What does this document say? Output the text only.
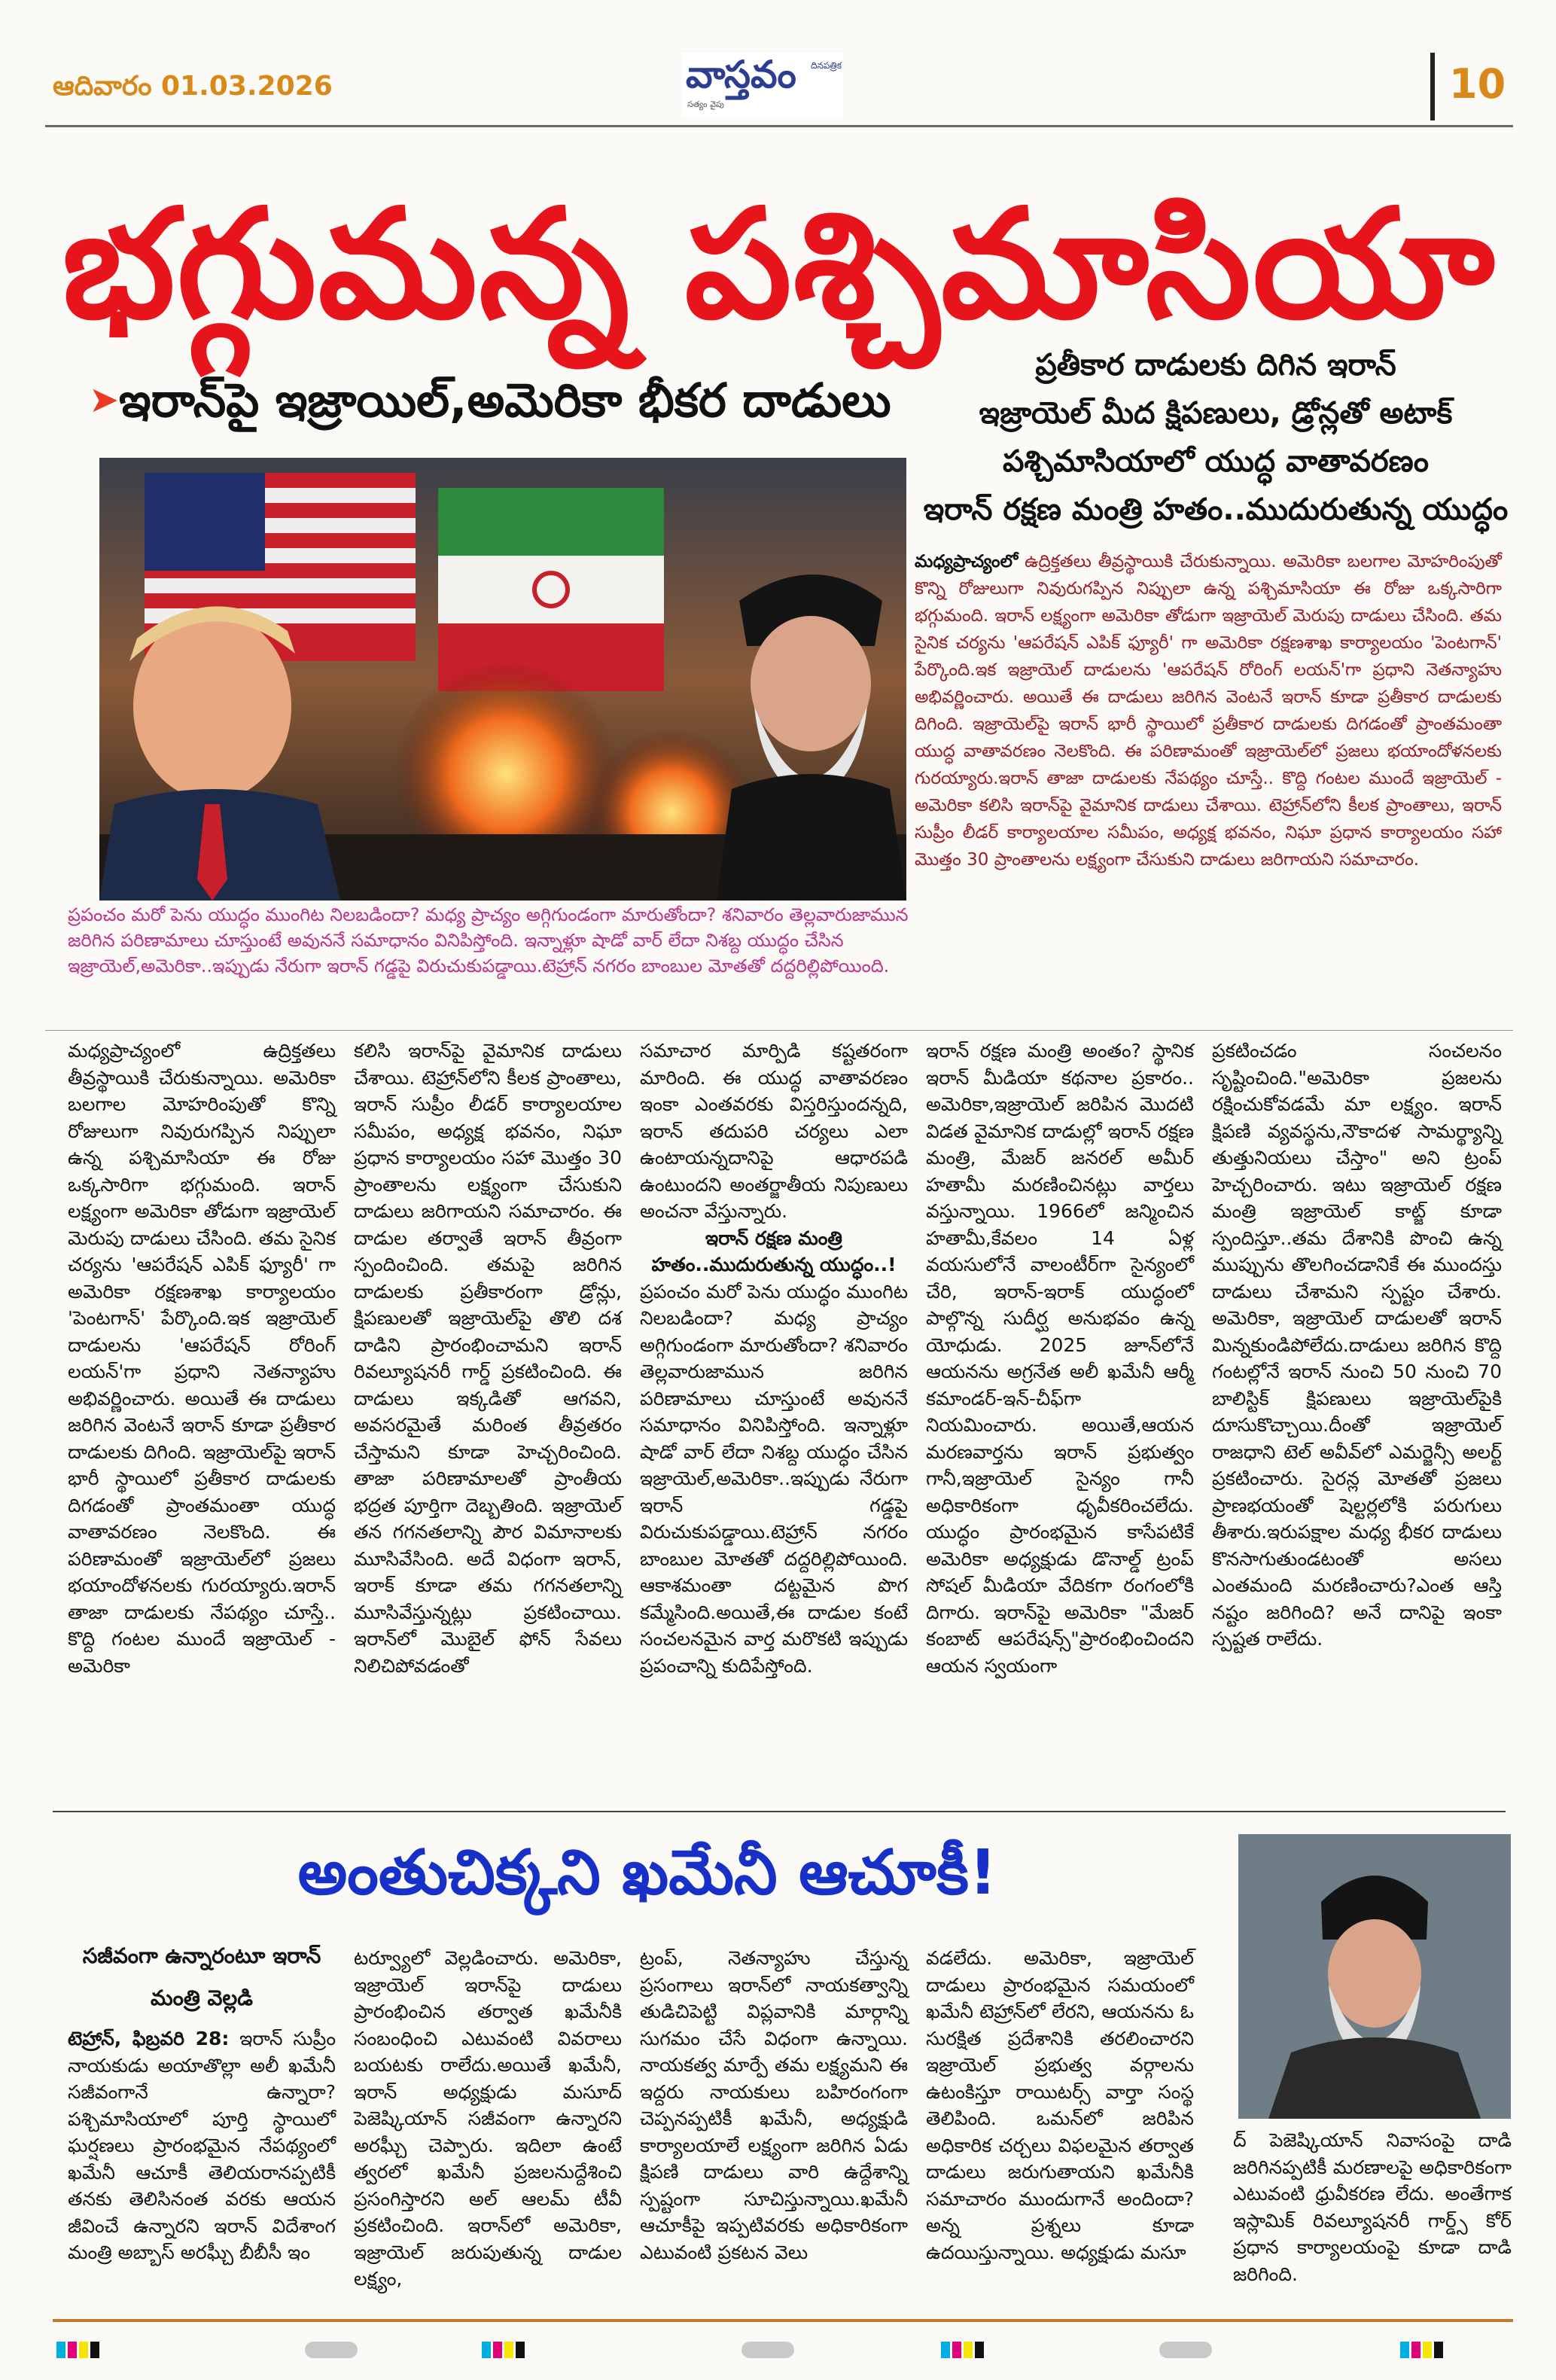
ఆదివారం 01.03.2026	వాస్తవం దినపత్రిక
సత్యం వైపు	10
భగ్గుమన్న పశ్చిమాసియా
➤ ఇరాన్‌పై ఇజ్రాయిల్,అమెరికా భీకర దాడులు
ప్రతీకార దాడులకు దిగిన ఇరాన్
ఇజ్రాయెల్ మీద క్షిపణులు, డ్రోన్లతో అటాక్
పశ్చిమాసియాలో యుద్ధ వాతావరణం
ఇరాన్ రక్షణ మంత్రి హతం..ముదురుతున్న యుద్ధం
ప్రపంచం మరో పెను యుద్ధం ముంగిట నిలబడిందా? మధ్య ప్రాచ్యం అగ్గిగుండంగా మారుతోందా? శనివారం తెల్లవారుజామున జరిగిన పరిణామాలు చూస్తుంటే అవుననే సమాధానం వినిపిస్తోంది. ఇన్నాళ్లూ షాడో వార్ లేదా నిశబ్ద యుద్ధం చేసిన ఇజ్రాయెల్,అమెరికా..ఇప్పుడు నేరుగా ఇరాన్ గడ్డపై విరుచుకుపడ్డాయి.టెహ్రాన్ నగరం బాంబుల మోతతో దద్దరిల్లిపోయింది.
మధ్యప్రాచ్యంలో ఉద్రిక్తతలు తీవ్రస్థాయికి చేరుకున్నాయి. అమెరికా బలగాల మోహరింపుతో కొన్ని రోజులుగా నివురుగప్పిన నిప్పులా ఉన్న పశ్చిమాసియా ఈ రోజు ఒక్కసారిగా భగ్గుమంది. ఇరాన్ లక్ష్యంగా అమెరికా తోడుగా ఇజ్రాయెల్ మెరుపు దాడులు చేసింది. తమ సైనిక చర్యను 'ఆపరేషన్ ఎపిక్ ఫ్యూరీ' గా అమెరికా రక్షణశాఖ కార్యాలయం 'పెంటగాన్' పేర్కొంది.ఇక ఇజ్రాయెల్ దాడులను 'ఆపరేషన్ రోరింగ్ లయన్'గా ప్రధాని నెతన్యాహు అభివర్ణించారు. అయితే ఈ దాడులు జరిగిన వెంటనే ఇరాన్ కూడా ప్రతీకార దాడులకు దిగింది. ఇజ్రాయెల్‌పై ఇరాన్ భారీ స్థాయిలో ప్రతీకార దాడులకు దిగడంతో ప్రాంతమంతా యుద్ధ వాతావరణం నెలకొంది. ఈ పరిణామంతో ఇజ్రాయెల్‌లో ప్రజలు భయాందోళనలకు గురయ్యారు.ఇరాన్ తాజా దాడులకు నేపథ్యం చూస్తే.. కొద్ది గంటల ముందే ఇజ్రాయెల్ - అమెరికా కలిసి ఇరాన్‌పై వైమానిక దాడులు చేశాయి. టెహ్రాన్‌లోని కీలక ప్రాంతాలు, ఇరాన్ సుప్రీం లీడర్ కార్యాలయాల సమీపం, అధ్యక్ష భవనం, నిఘా ప్రధాన కార్యాలయం సహా మొత్తం 30 ప్రాంతాలను లక్ష్యంగా చేసుకుని దాడులు జరిగాయని సమాచారం.
మధ్యప్రాచ్యంలో ఉద్రిక్తతలు తీవ్రస్థాయికి చేరుకున్నాయి. అమెరికా బలగాల మోహరింపుతో కొన్ని రోజులుగా నివురుగప్పిన నిప్పులా ఉన్న పశ్చిమాసియా ఈ రోజు ఒక్కసారిగా భగ్గుమంది. ఇరాన్ లక్ష్యంగా అమెరికా తోడుగా ఇజ్రాయెల్ మెరుపు దాడులు చేసింది. తమ సైనిక చర్యను 'ఆపరేషన్ ఎపిక్ ఫ్యూరీ' గా అమెరికా రక్షణశాఖ కార్యాలయం 'పెంటగాన్' పేర్కొంది.ఇక ఇజ్రాయెల్ దాడులను 'ఆపరేషన్ రోరింగ్ లయన్'గా ప్రధాని నెతన్యాహు అభివర్ణించారు. అయితే ఈ దాడులు జరిగిన వెంటనే ఇరాన్ కూడా ప్రతీకార దాడులకు దిగింది. ఇజ్రాయెల్‌పై ఇరాన్ భారీ స్థాయిలో ప్రతీకార దాడులకు దిగడంతో ప్రాంతమంతా యుద్ధ వాతావరణం నెలకొంది. ఈ పరిణామంతో ఇజ్రాయెల్‌లో ప్రజలు భయాందోళనలకు గురయ్యారు.ఇరాన్ తాజా దాడులకు నేపథ్యం చూస్తే.. కొద్ది గంటల ముందే ఇజ్రాయెల్ - అమెరికా
కలిసి ఇరాన్‌పై వైమానిక దాడులు చేశాయి. టెహ్రాన్‌లోని కీలక ప్రాంతాలు, ఇరాన్ సుప్రీం లీడర్ కార్యాలయాల సమీపం, అధ్యక్ష భవనం, నిఘా ప్రధాన కార్యాలయం సహా మొత్తం 30 ప్రాంతాలను లక్ష్యంగా చేసుకుని దాడులు జరిగాయని సమాచారం. ఈ దాడుల తర్వాతే ఇరాన్ తీవ్రంగా స్పందించింది. తమపై జరిగిన దాడులకు ప్రతీకారంగా డ్రోన్లు, క్షిపణులతో ఇజ్రాయెల్‌పై తొలి దశ దాడిని ప్రారంభించామని ఇరాన్ రివల్యూషనరీ గార్డ్ ప్రకటించింది. ఈ దాడులు ఇక్కడితో ఆగవని, అవసరమైతే మరింత తీవ్రతరం చేస్తామని కూడా హెచ్చరించింది. తాజా పరిణామాలతో ప్రాంతీయ భద్రత పూర్తిగా దెబ్బతింది. ఇజ్రాయెల్ తన గగనతలాన్ని పౌర విమానాలకు మూసివేసింది. అదే విధంగా ఇరాన్, ఇరాక్ కూడా తమ గగనతలాన్ని మూసివేస్తున్నట్లు ప్రకటించాయి. ఇరాన్‌లో మొబైల్ ఫోన్ సేవలు నిలిచిపోవడంతో
సమాచార మార్పిడి కష్టతరంగా మారింది. ఈ యుద్ధ వాతావరణం ఇంకా ఎంతవరకు విస్తరిస్తుందన్నది, ఇరాన్ తదుపరి చర్యలు ఎలా ఉంటాయన్నదానిపై ఆధారపడి ఉంటుందని అంతర్జాతీయ నిపుణులు అంచనా వేస్తున్నారు.
ఇరాన్ రక్షణ మంత్రి హతం..ముదురుతున్న యుద్ధం..!
ప్రపంచం మరో పెను యుద్ధం ముంగిట నిలబడిందా? మధ్య ప్రాచ్యం అగ్గిగుండంగా మారుతోందా? శనివారం తెల్లవారుజామున జరిగిన పరిణామాలు చూస్తుంటే అవుననే సమాధానం వినిపిస్తోంది. ఇన్నాళ్లూ షాడో వార్ లేదా నిశబ్ద యుద్ధం చేసిన ఇజ్రాయెల్,అమెరికా..ఇప్పుడు నేరుగా ఇరాన్ గడ్డపై విరుచుకుపడ్డాయి.టెహ్రాన్ నగరం బాంబుల మోతతో దద్దరిల్లిపోయింది. ఆకాశమంతా దట్టమైన పొగ కమ్మేసింది.అయితే,ఈ దాడుల కంటే సంచలనమైన వార్త మరొకటి ఇప్పుడు ప్రపంచాన్ని కుదిపేస్తోంది.
ఇరాన్ రక్షణ మంత్రి అంతం? స్థానిక ఇరాన్ మీడియా కథనాల ప్రకారం.. అమెరికా,ఇజ్రాయెల్ జరిపిన మొదటి విడత వైమానిక దాడుల్లో ఇరాన్ రక్షణ మంత్రి, మేజర్ జనరల్ అమీర్ హతామీ మరణించినట్లు వార్తలు వస్తున్నాయి. 1966లో జన్మించిన హతామీ,కేవలం 14 ఏళ్ల వయసులోనే వాలంటీర్‌గా సైన్యంలో చేరి, ఇరాన్-ఇరాక్ యుద్ధంలో పాల్గొన్న సుదీర్ఘ అనుభవం ఉన్న యోధుడు. 2025 జూన్‌లోనే ఆయనను అగ్రనేత అలీ ఖమేనీ ఆర్మీ కమాండర్-ఇన్-చీఫ్‌గా నియమించారు. అయితే,ఆయన మరణవార్తను ఇరాన్ ప్రభుత్వం గానీ,ఇజ్రాయెల్ సైన్యం గానీ అధికారికంగా ధృవీకరించలేదు. యుద్ధం ప్రారంభమైన కాసేపటికే అమెరికా అధ్యక్షుడు డొనాల్డ్ ట్రంప్ సోషల్ మీడియా వేదికగా రంగంలోకి దిగారు. ఇరాన్‌పై అమెరికా "మేజర్ కంబాట్ ఆపరేషన్స్"ప్రారంభించిందని ఆయన స్వయంగా
ప్రకటించడం సంచలనం సృష్టించింది."అమెరికా ప్రజలను రక్షించుకోవడమే మా లక్ష్యం. ఇరాన్ క్షిపణి వ్యవస్థను,నౌకాదళ సామర్థ్యాన్ని తుత్తునియలు చేస్తాం" అని ట్రంప్ హెచ్చరించారు. ఇటు ఇజ్రాయెల్ రక్షణ మంత్రి ఇజ్రాయెల్ కాట్జ్ కూడా స్పందిస్తూ..తమ దేశానికి పొంచి ఉన్న ముప్పును తొలగించడానికే ఈ ముందస్తు దాడులు చేశామని స్పష్టం చేశారు. అమెరికా, ఇజ్రాయెల్ దాడులతో ఇరాన్ మిన్నకుండిపోలేదు.దాడులు జరిగిన కొద్ది గంటల్లోనే ఇరాన్ నుంచి 50 నుంచి 70 బాలిస్టిక్ క్షిపణులు ఇజ్రాయెల్‌పైకి దూసుకొచ్చాయి.దీంతో ఇజ్రాయెల్ రాజధాని టెల్ అవీవ్‌లో ఎమర్జెన్సీ అలర్ట్ ప్రకటించారు. సైరన్ల మోతతో ప్రజలు ప్రాణభయంతో షెల్టర్లలోకి పరుగులు తీశారు.ఇరుపక్షాల మధ్య భీకర దాడులు కొనసాగుతుండటంతో అసలు ఎంతమంది మరణించారు?ఎంత ఆస్తి నష్టం జరిగింది? అనే దానిపై ఇంకా స్పష్టత రాలేదు.
అంతుచిక్కని ఖమేనీ ఆచూకీ!
సజీవంగా ఉన్నారంటూ ఇరాన్ మంత్రి వెల్లడి
టెహ్రాన్, ఫిబ్రవరి 28: ఇరాన్ సుప్రీం నాయకుడు అయాతొల్లా అలీ ఖమేనీ సజీవంగానే ఉన్నారా? పశ్చిమాసియాలో పూర్తి స్థాయిలో ఘర్షణలు ప్రారంభమైన నేపథ్యంలో ఖమేనీ ఆచూకీ తెలియరానప్పటికీ తనకు తెలిసినంత వరకు ఆయన జీవించే ఉన్నారని ఇరాన్ విదేశాంగ మంత్రి అబ్బాస్ అరఘ్చీ బీబీసీ ఇం
టర్వ్యూలో వెల్లడించారు. అమెరికా, ఇజ్రాయెల్ ఇరాన్‌పై దాడులు ప్రారంభించిన తర్వాత ఖమేనీకి సంబంధించి ఎటువంటి వివరాలు బయటకు రాలేదు.అయితే ఖమేనీ, ఇరాన్ అధ్యక్షుడు మసూద్ పెజెష్కియాన్ సజీవంగా ఉన్నారని అరఘ్చీ చెప్పారు. ఇదిలా ఉంటే త్వరలో ఖమేనీ ప్రజలనుద్దేశించి ప్రసంగిస్తారని అల్ ఆలమ్ టీవీ ప్రకటించింది. ఇరాన్‌లో అమెరికా, ఇజ్రాయెల్ జరుపుతున్న దాడుల లక్ష్యం,
ట్రంప్, నెతన్యాహు చేస్తున్న ప్రసంగాలు ఇరాన్‌లో నాయకత్వాన్ని తుడిచిపెట్టి విప్లవానికి మార్గాన్ని సుగమం చేసే విధంగా ఉన్నాయి. నాయకత్వ మార్పే తమ లక్ష్యమని ఈ ఇద్దరు నాయకులు బహిరంగంగా చెప్పనప్పటికీ ఖమేనీ, అధ్యక్షుడి కార్యాలయాలే లక్ష్యంగా జరిగిన ఏడు క్షిపణి దాడులు వారి ఉద్దేశాన్ని స్పష్టంగా సూచిస్తున్నాయి.ఖమేనీ ఆచూకీపై ఇప్పటివరకు అధికారికంగా ఎటువంటి ప్రకటన వెలు
వడలేదు. అమెరికా, ఇజ్రాయెల్ దాడులు ప్రారంభమైన సమయంలో ఖమేనీ టెహ్రాన్‌లో లేరని, ఆయనను ఓ సురక్షిత ప్రదేశానికి తరలించారని ఇజ్రాయెల్ ప్రభుత్వ వర్గాలను ఉటంకిస్తూ రాయిటర్స్ వార్తా సంస్థ తెలిపింది. ఒమన్‌లో జరిపిన అధికారిక చర్చలు విఫలమైన తర్వాత దాడులు జరుగుతాయని ఖమేనీకి సమాచారం ముందుగానే అందిందా? అన్న ప్రశ్నలు కూడా ఉదయిస్తున్నాయి. అధ్యక్షుడు మసూ
ద్ పెజెష్కియాన్ నివాసంపై దాడి జరిగినప్పటికీ మరణాలపై అధికారికంగా ఎటువంటి ధ్రువీకరణ లేదు. అంతేగాక ఇస్లామిక్ రివల్యూషనరీ గార్డ్స్ కోర్ ప్రధాన కార్యాలయంపై కూడా దాడి జరిగింది.
